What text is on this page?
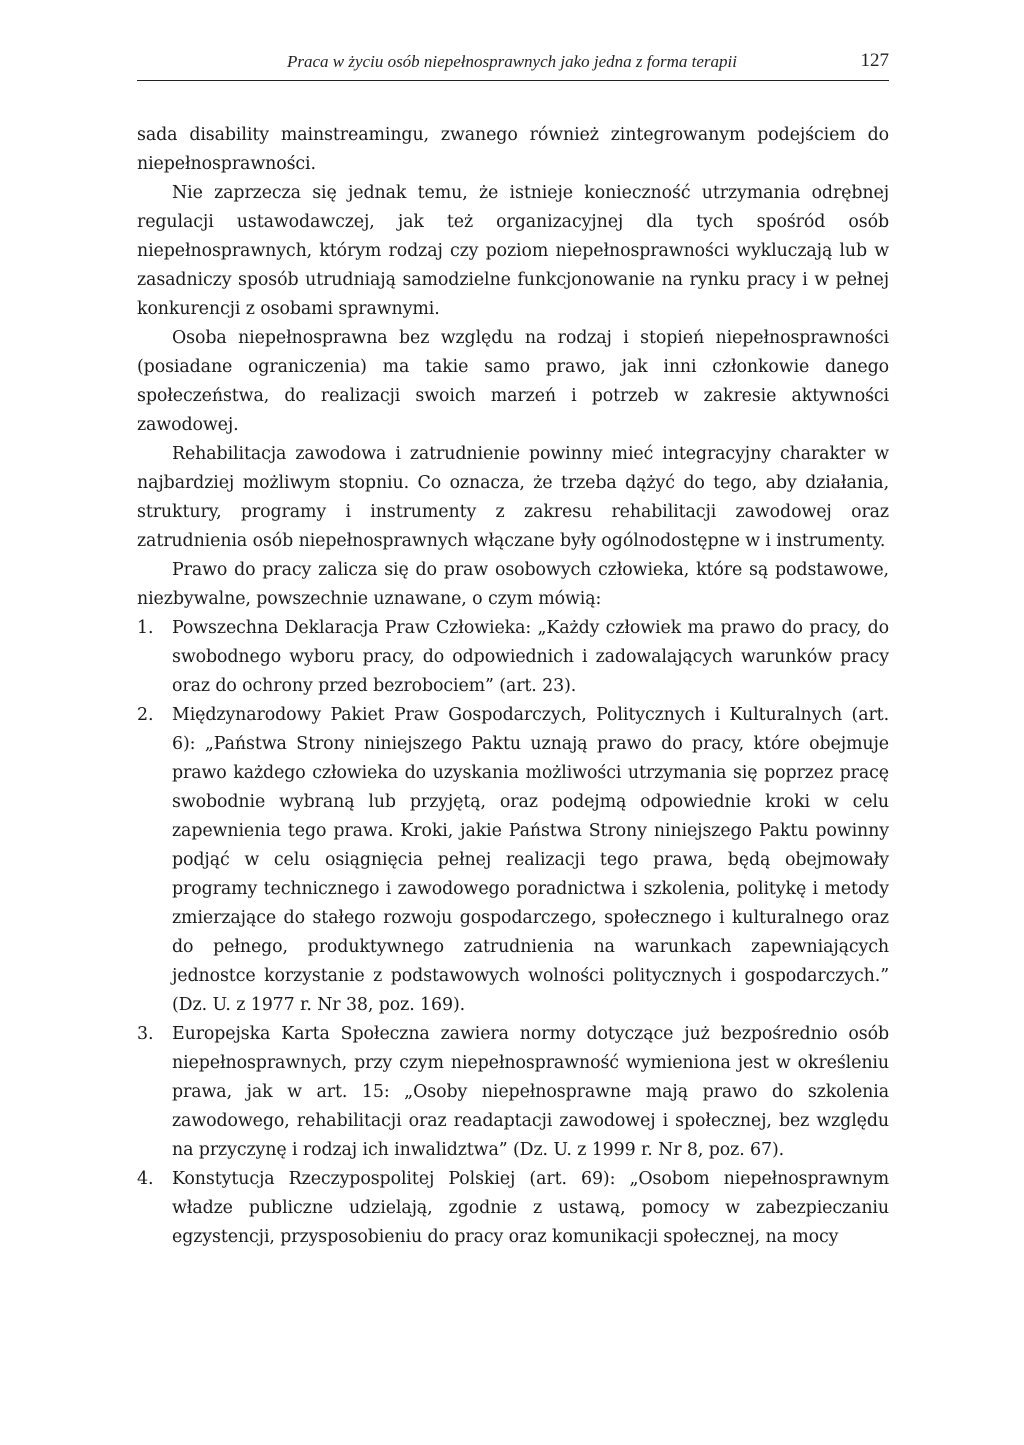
Praca w życiu osób niepełnosprawnych jako jedna z forma terapii	127

sada disability mainstreamingu, zwanego również zintegrowanym podejściem do niepełnosprawności.

Nie zaprzecza się jednak temu, że istnieje konieczność utrzymania odrębnej regulacji ustawodawczej, jak też organizacyjnej dla tych spośród osób niepełnosprawnych, którym rodzaj czy poziom niepełnosprawności wykluczają lub w zasadniczy sposób utrudniają samodzielne funkcjonowanie na rynku pracy i w pełnej konkurencji z osobami sprawnymi.

Osoba niepełnosprawna bez względu na rodzaj i stopień niepełnosprawności (posiadane ograniczenia) ma takie samo prawo, jak inni członkowie danego społeczeństwa, do realizacji swoich marzeń i potrzeb w zakresie aktywności zawodowej.

Rehabilitacja zawodowa i zatrudnienie powinny mieć integracyjny charakter w najbardziej możliwym stopniu. Co oznacza, że trzeba dążyć do tego, aby działania, struktury, programy i instrumenty z zakresu rehabilitacji zawodowej oraz zatrudnienia osób niepełnosprawnych włączane były ogólnodostępne w i instrumenty.

Prawo do pracy zalicza się do praw osobowych człowieka, które są podstawowe, niezbywalne, powszechnie uznawane, o czym mówią:

1. Powszechna Deklaracja Praw Człowieka: „Każdy człowiek ma prawo do pracy, do swobodnego wyboru pracy, do odpowiednich i zadowalających warunków pracy oraz do ochrony przed bezrobociem” (art. 23).
2. Międzynarodowy Pakiet Praw Gospodarczych, Politycznych i Kulturalnych (art. 6): „Państwa Strony niniejszego Paktu uznają prawo do pracy, które obejmuje prawo każdego człowieka do uzyskania możliwości utrzymania się poprzez pracę swobodnie wybraną lub przyjętą, oraz podejmą odpowiednie kroki w celu zapewnienia tego prawa. Kroki, jakie Państwa Strony niniejszego Paktu powinny podjąć w celu osiągnięcia pełnej realizacji tego prawa, będą obejmowały programy technicznego i zawodowego poradnictwa i szkolenia, politykę i metody zmierzające do stałego rozwoju gospodarczego, społecznego i kulturalnego oraz do pełnego, produktywnego zatrudnienia na warunkach zapewniających jednostce korzystanie z podstawowych wolności politycznych i gospodarczych.” (Dz. U. z 1977 r. Nr 38, poz. 169).
3. Europejska Karta Społeczna zawiera normy dotyczące już bezpośrednio osób niepełnosprawnych, przy czym niepełnosprawność wymieniona jest w określeniu prawa, jak w art. 15: „Osoby niepełnosprawne mają prawo do szkolenia zawodowego, rehabilitacji oraz readaptacji zawodowej i społecznej, bez względu na przyczynę i rodzaj ich inwalidztwa” (Dz. U. z 1999 r. Nr 8, poz. 67).
4. Konstytucja Rzeczypospolitej Polskiej (art. 69): „Osobom niepełnosprawnym władze publiczne udzielają, zgodnie z ustawą, pomocy w zabezpieczaniu egzystencji, przysposobieniu do pracy oraz komunikacji społecznej, na mocy
